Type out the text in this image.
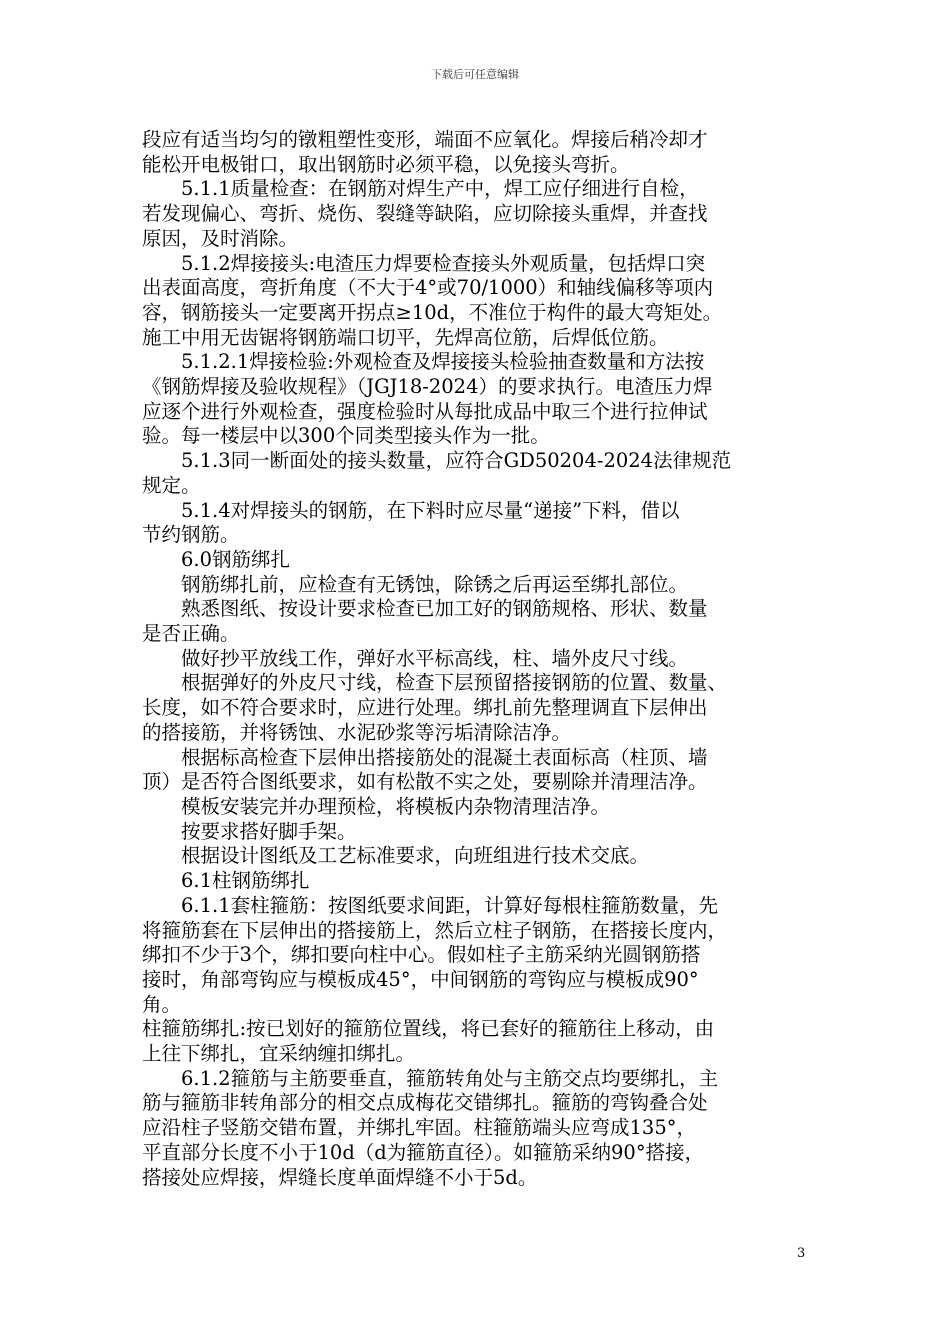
下载后可任意编辑

段应有适当均匀的镦粗塑性变形，端面不应氧化。焊接后稍冷却才

能松开电极钳口，取出钢筋时必须平稳，以免接头弯折。

　　5.1.1质量检查：在钢筋对焊生产中，焊工应仔细进行自检，

若发现偏心、弯折、烧伤、裂缝等缺陷，应切除接头重焊，并查找

原因，及时消除。

　　5.1.2焊接接头:电渣压力焊要检查接头外观质量，包括焊口突

出表面高度，弯折角度（不大于4°或70/1000）和轴线偏移等项内

容，钢筋接头一定要离开拐点≥10d，不准位于构件的最大弯矩处。

施工中用无齿锯将钢筋端口切平，先焊高位筋，后焊低位筋。

　　5.1.2.1焊接检验:外观检查及焊接接头检验抽查数量和方法按

《钢筋焊接及验收规程》（JGJ18-2024）的要求执行。电渣压力焊

应逐个进行外观检查，强度检验时从每批成品中取三个进行拉伸试

验。每一楼层中以300个同类型接头作为一批。

　　5.1.3同一断面处的接头数量，应符合GD50204-2024法律规范

规定。

　　5.1.4对焊接头的钢筋，在下料时应尽量“递接”下料，借以

节约钢筋。

　　6.0钢筋绑扎

　　钢筋绑扎前，应检查有无锈蚀，除锈之后再运至绑扎部位。

　　熟悉图纸、按设计要求检查已加工好的钢筋规格、形状、数量

是否正确。

　　做好抄平放线工作，弹好水平标高线，柱、墙外皮尺寸线。

　　根据弹好的外皮尺寸线，检查下层预留搭接钢筋的位置、数量、

长度，如不符合要求时，应进行处理。绑扎前先整理调直下层伸出

的搭接筋，并将锈蚀、水泥砂浆等污垢清除洁净。

　　根据标高检查下层伸出搭接筋处的混凝土表面标高（柱顶、墙

顶）是否符合图纸要求，如有松散不实之处，要剔除并清理洁净。

　　模板安装完并办理预检，将模板内杂物清理洁净。

　　按要求搭好脚手架。

　　根据设计图纸及工艺标准要求，向班组进行技术交底。

　　6.1柱钢筋绑扎

　　6.1.1套柱箍筋：按图纸要求间距，计算好每根柱箍筋数量，先

将箍筋套在下层伸出的搭接筋上，然后立柱子钢筋，在搭接长度内，

绑扣不少于3个，绑扣要向柱中心。假如柱子主筋采纳光圆钢筋搭

接时，角部弯钩应与模板成45°，中间钢筋的弯钩应与模板成90°

角。

柱箍筋绑扎:按已划好的箍筋位置线，将已套好的箍筋往上移动，由

上往下绑扎，宜采纳缠扣绑扎。

　　6.1.2箍筋与主筋要垂直，箍筋转角处与主筋交点均要绑扎，主

筋与箍筋非转角部分的相交点成梅花交错绑扎。箍筋的弯钩叠合处

应沿柱子竖筋交错布置，并绑扎牢固。柱箍筋端头应弯成135°，

平直部分长度不小于10d（d为箍筋直径）。如箍筋采纳90°搭接，

搭接处应焊接，焊缝长度单面焊缝不小于5d。

3
